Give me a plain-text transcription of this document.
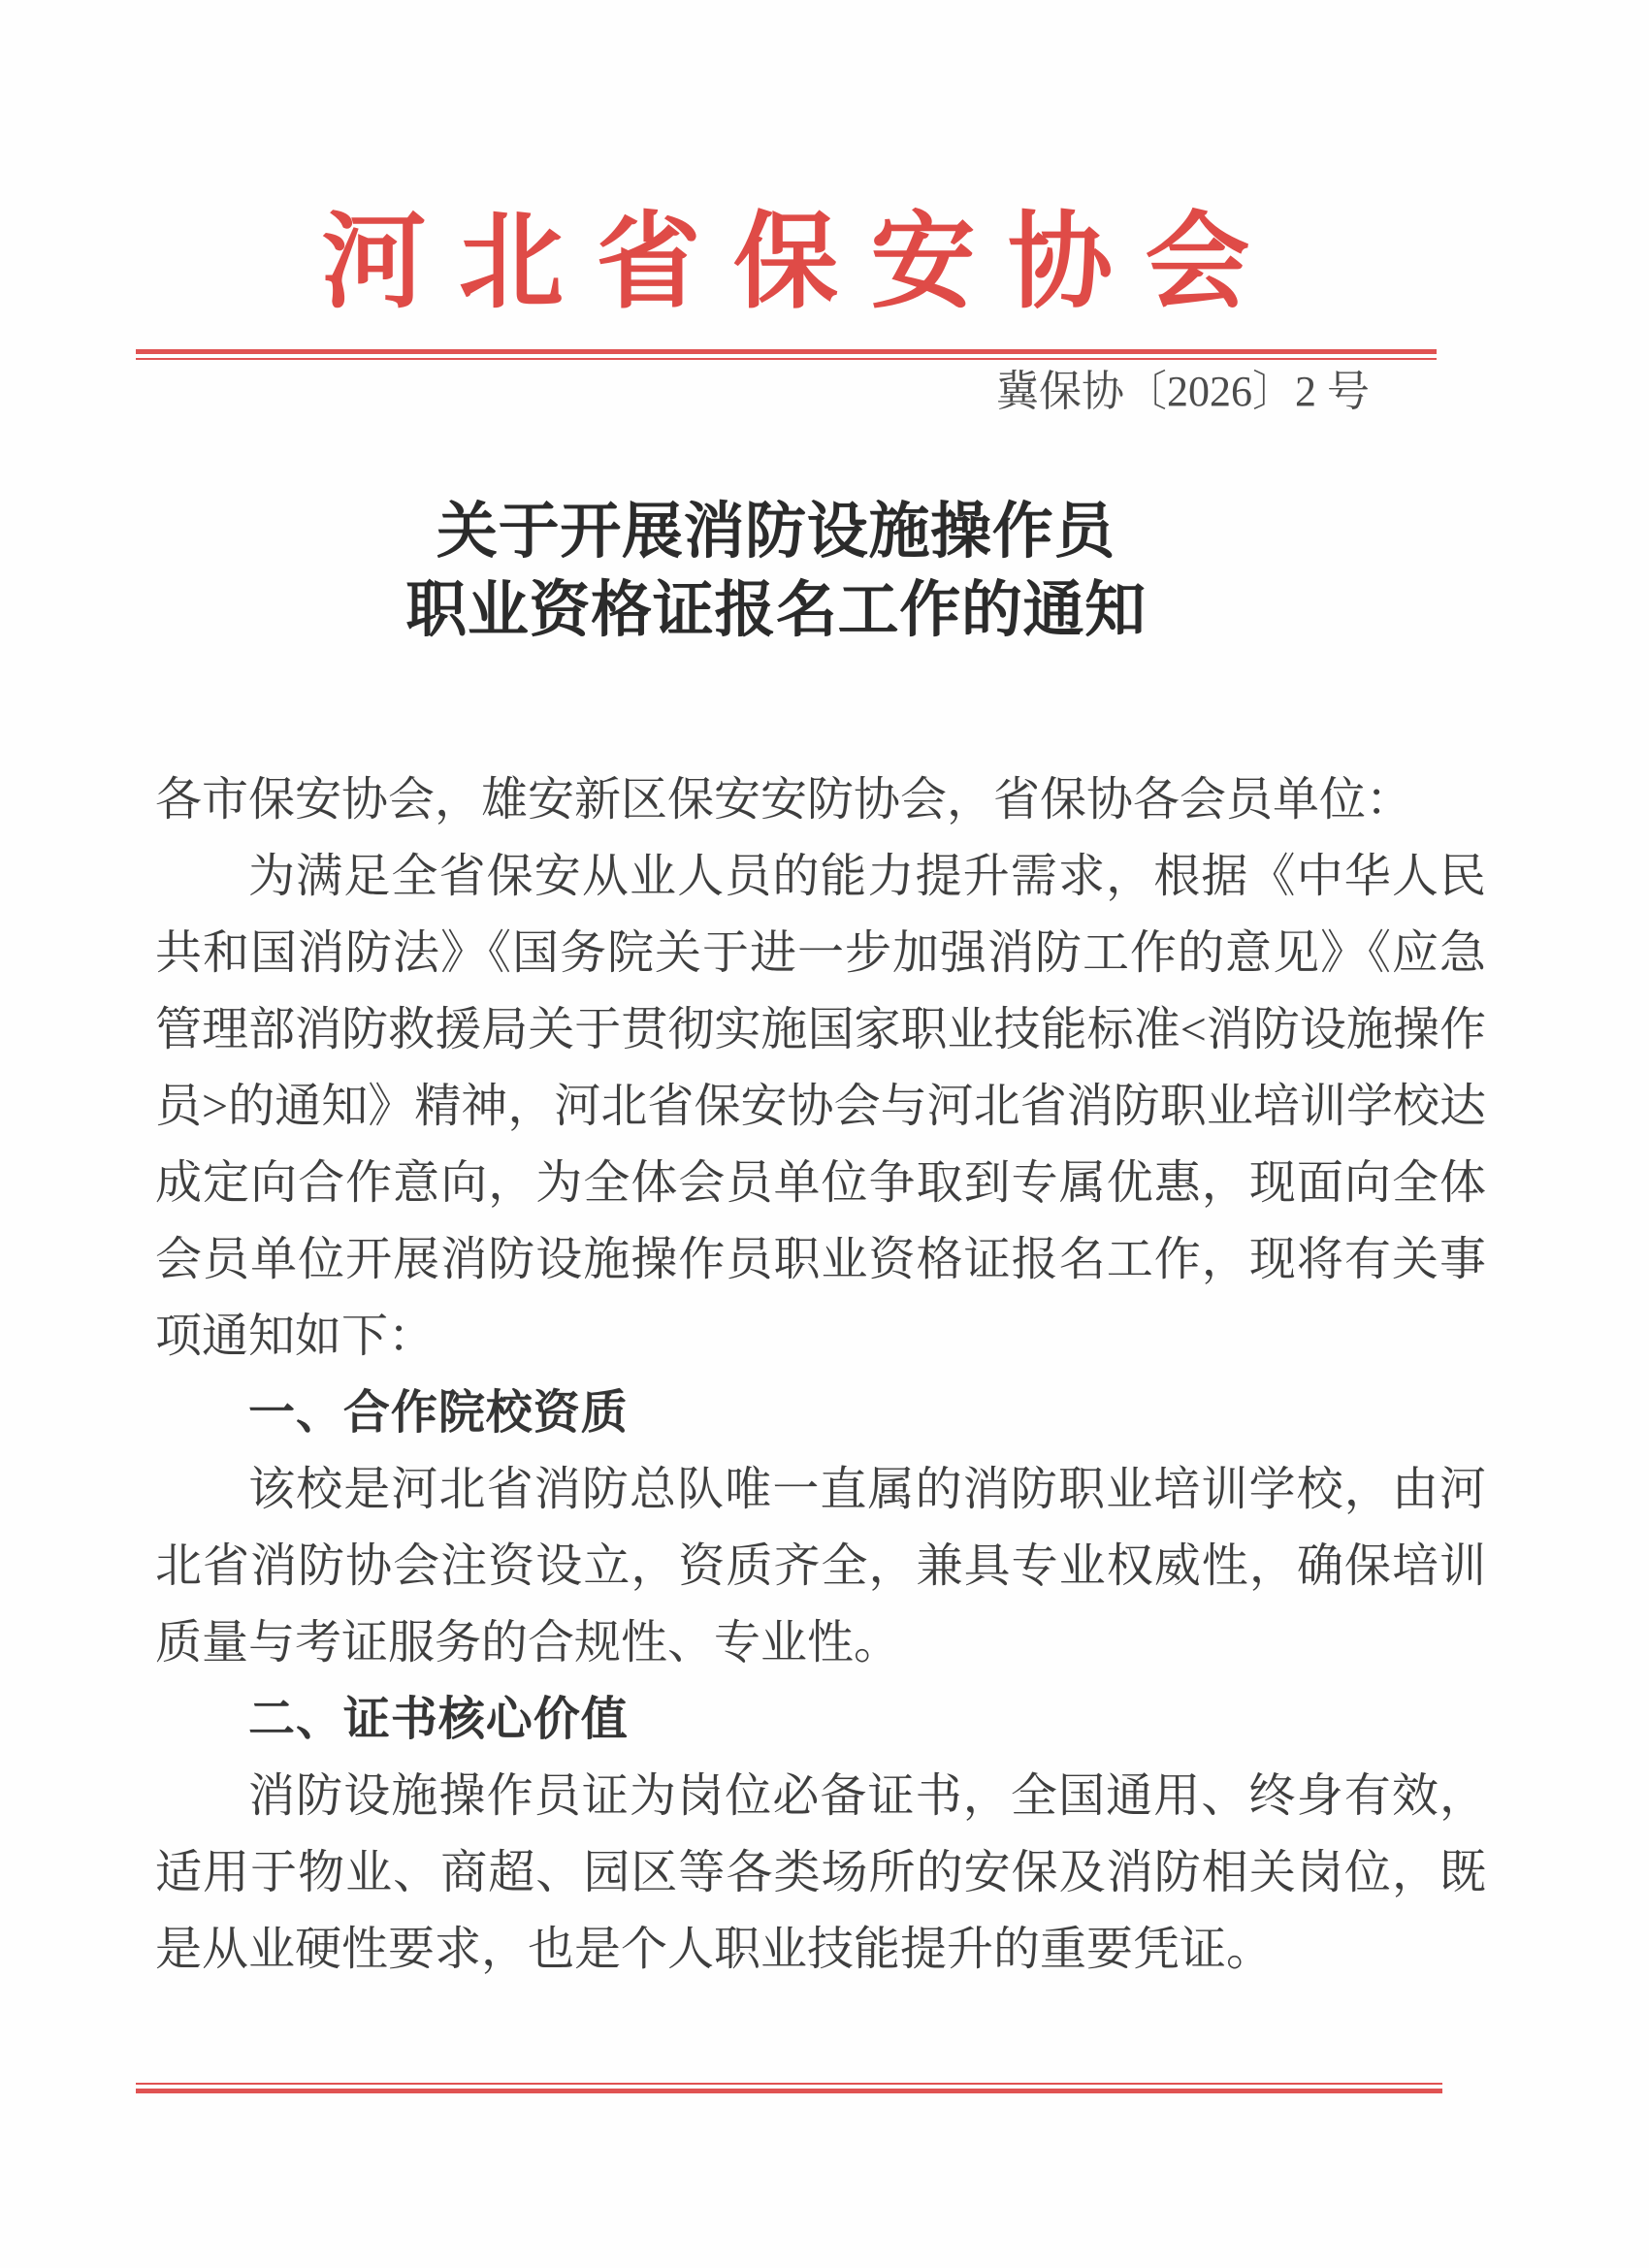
河北省保安协会
冀保协〔2026〕2 号
关于开展消防设施操作员
职业资格证报名工作的通知

各市保安协会，雄安新区保安安防协会，省保协各会员单位：

为满足全省保安从业人员的能力提升需求，根据《中华人民共和国消防法》《国务院关于进一步加强消防工作的意见》《应急管理部消防救援局关于贯彻实施国家职业技能标准<消防设施操作员>的通知》精神，河北省保安协会与河北省消防职业培训学校达成定向合作意向，为全体会员单位争取到专属优惠，现面向全体会员单位开展消防设施操作员职业资格证报名工作，现将有关事项通知如下：

一、合作院校资质

该校是河北省消防总队唯一直属的消防职业培训学校，由河北省消防协会注资设立，资质齐全，兼具专业权威性，确保培训质量与考证服务的合规性、专业性。

二、证书核心价值

消防设施操作员证为岗位必备证书，全国通用、终身有效，适用于物业、商超、园区等各类场所的安保及消防相关岗位，既是从业硬性要求，也是个人职业技能提升的重要凭证。
